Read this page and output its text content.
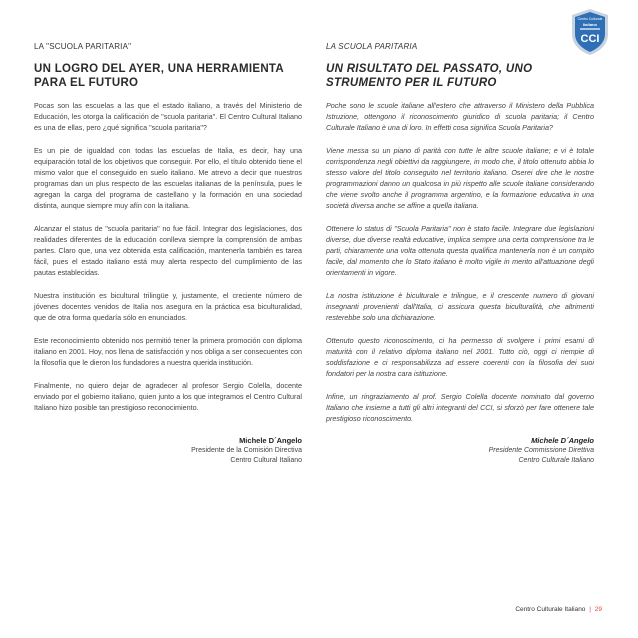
LA "SCUOLA PARITARIA"
UN LOGRO DEL AYER, UNA HERRAMIENTA PARA EL FUTURO

Pocas son las escuelas a las que el estado italiano, a través del Ministerio de Educación, les otorga la calificación de "scuola paritaria". El Centro Cultural Italiano es una de ellas, pero ¿qué significa "scuola paritaria"?

Es un pie de igualdad con todas las escuelas de Italia, es decir, hay una equiparación total de los objetivos que conseguir. Por ello, el título obtenido tiene el mismo valor que el conseguido en suelo italiano. Me atrevo a decir que nuestros programas dan un plus respecto de las escuelas italianas de la península, pues le agregan la carga del programa de castellano y la formación en una sociedad distinta, aunque siempre muy afín con la italiana.

Alcanzar el status de "scuola paritaria" no fue fácil. Integrar dos legislaciones, dos realidades diferentes de la educación conlleva siempre la comprensión de ambas partes. Claro que, una vez obtenida esta calificación, mantenerla también es tarea fácil, pues el estado italiano está muy alerta respecto del cumplimiento de las pautas establecidas.

Nuestra institución es bicultural trilingüe y, justamente, el creciente número de jóvenes docentes venidos de Italia nos asegura en la práctica esa biculturalidad, que de otra forma quedaría sólo en enunciados.

Este reconocimiento obtenido nos permitió tener la primera promoción con diploma italiano en 2001. Hoy, nos llena de satisfacción y nos obliga a ser consecuentes con la filosofía que le dieron los fundadores a nuestra querida institución.

Finalmente, no quiero dejar de agradecer al profesor Sergio Colella, docente enviado por el gobierno italiano, quien junto a los que integramos el Centro Cultural Italiano hizo posible tan prestigioso reconocimiento.

Michele D´Angelo
Presidente de la Comisión Directiva
Centro Cultural Italiano
LA SCUOLA PARITARIA
UN RISULTATO DEL PASSATO, UNO STRUMENTO PER IL FUTURO

Poche sono le scuole italiane all'estero che attraverso il Ministero della Pubblica Istruzione, ottengono il riconoscimento giuridico di scuola paritaria; il Centro Culturale Italiano è una di loro. In effetti cosa significa Scuola Paritaria?

Viene messa su un piano di parità con tutte le altre scuole italiane; e vi è totale corrispondenza negli obiettivi da raggiungere, in modo che, il titolo ottenuto abbia lo stesso valore del titolo conseguito nel territorio italiano. Oserei dire che le nostre programmazioni danno un qualcosa in più rispetto alle scuole italiane considerando che viene svolto anche il programma argentino, e la formazione educativa in una società diversa anche se affine a quella italiana.

Ottenere lo status di "Scuola Paritaria" non è stato facile. Integrare due legislazioni diverse, due diverse realtà educative, implica sempre una certa comprensione tra le parti, chiaramente una volta ottenuta questa qualifica mantenerla non è un compito facile, dal momento che lo Stato italiano è molto vigile in merito all'attuazione degli orientamenti in vigore.

La nostra istituzione è biculturale e trilingue, e il crescente numero di giovani insegnanti provenienti dall'Italia, ci assicura questa biculturalità, che altrimenti resterebbe solo una dichiarazione.

Ottenuto questo riconoscimento, ci ha permesso di svolgere i primi esami di maturità con il relativo diploma italiano nel 2001. Tutto ciò, oggi ci riempie di soddisfazione e ci responsabilizza ad essere coerenti con la filosofia dei suoi fondatori per la nostra cara istituzione.

Infine, un ringraziamento al prof. Sergio Colella docente nominato dal governo Italiano che insieme a tutti gli altri integranti del CCI, si sforzò per fare ottenere tale prestigioso riconoscimento.

Michele D´Angelo
Presidente Commissione Direttiva
Centro Culturale Italiano
Centro Culturale
Italiano
CCI
Centro Culturale Italiano | 29
